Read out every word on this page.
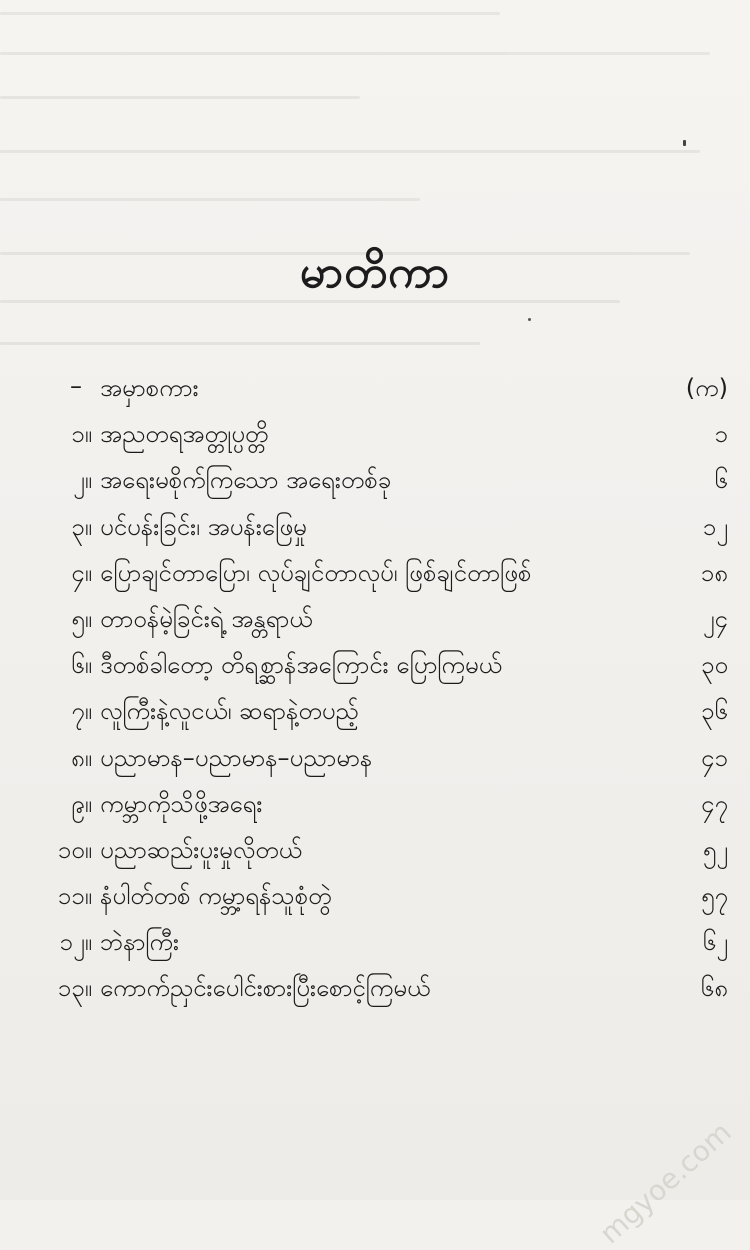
မာတိကာ
– အမှာစကား	(က)
၁။ အညတရအတ္တုပ္ပတ္တိ	၁
၂။ အရေးမစိုက်ကြသော အရေးတစ်ခု	၆
၃။ ပင်ပန်းခြင်း၊ အပန်းဖြေမှု	၁၂
၄။ ပြောချင်တာပြော၊ လုပ်ချင်တာလုပ်၊ ဖြစ်ချင်တာဖြစ်	၁၈
၅။ တာဝန်မဲ့ခြင်းရဲ့ အန္တရာယ်	၂၄
၆။ ဒီတစ်ခါတော့ တိရစ္ဆာန်အကြောင်း ပြောကြမယ်	၃၀
၇။ လူကြီးနဲ့လူငယ်၊ ဆရာနဲ့တပည့်	၃၆
၈။ ပညာမာန–ပညာမာန–ပညာမာန	၄၁
၉။ ကမ္ဘာကိုသိဖို့အရေး	၄၇
၁၀။ ပညာဆည်းပူးမှုလိုတယ်	၅၂
၁၁။ နံပါတ်တစ် ကမ္ဘာ့ရန်သူစုံတွဲ	၅၇
၁၂။ ဘဲနာကြီး	၆၂
၁၃။ ကောက်ညှင်းပေါင်းစားပြီးစောင့်ကြမယ်	၆၈
mgyoe.com
